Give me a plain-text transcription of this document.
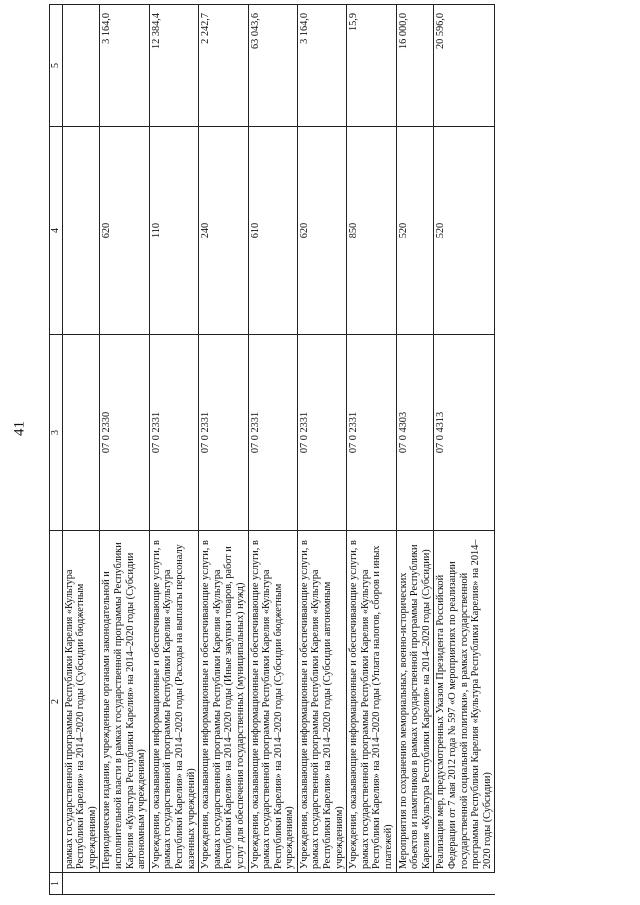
41
1	2	3	4	5
	рамках государственной программы Республики Карелия «Культура Республики Карелия» на 2014–2020 годы (Субсидии бюджетным учреждениям)			
	Периодические издания, учрежденные органами законодательной и исполнительной власти в рамках государственной программы Республики Карелия «Культура Республики Карелия» на 2014–2020 годы (Субсидии автономным учреждениям)	07 0 2330	620	3 164,0
	Учреждения, оказывающие информационные и обеспечивающие услуги, в рамках государственной программы Республики Карелия «Культура Республики Карелия» на 2014–2020 годы (Расходы на выплаты персоналу казенных учреждений)	07 0 2331	110	12 384,4
	Учреждения, оказывающие информационные и обеспечивающие услуги, в рамках государственной программы Республики Карелия «Культура Республики Карелия» на 2014–2020 годы (Иные закупки товаров, работ и услуг для обеспечения государственных (муниципальных) нужд)	07 0 2331	240	2 242,7
	Учреждения, оказывающие информационные и обеспечивающие услуги, в рамках государственной программы Республики Карелия «Культура Республики Карелия» на 2014–2020 годы (Субсидии бюджетным учреждениям)	07 0 2331	610	63 043,6
	Учреждения, оказывающие информационные и обеспечивающие услуги, в рамках государственной программы Республики Карелия «Культура Республики Карелия» на 2014–2020 годы (Субсидии автономным учреждениям)	07 0 2331	620	3 164,0
	Учреждения, оказывающие информационные и обеспечивающие услуги, в рамках государственной программы Республики Карелия «Культура Республики Карелия» на 2014–2020 годы (Уплата налогов, сборов и иных платежей)	07 0 2331	850	15,9
	Мероприятия по сохранению мемориальных, военно-исторических объектов и памятников в рамках государственной программы Республики Карелия «Культура Республики Карелия» на 2014–2020 годы (Субсидии)	07 0 4303	520	16 000,0
	Реализация мер, предусмотренных Указом Президента Российской Федерации от 7 мая 2012 года № 597 «О мероприятиях по реализации государственной социальной политики», в рамках государственной программы Республики Карелия «Культура Республики Карелия» на 2014–2020 годы (Субсидии)	07 0 4313	520	20 596,0
